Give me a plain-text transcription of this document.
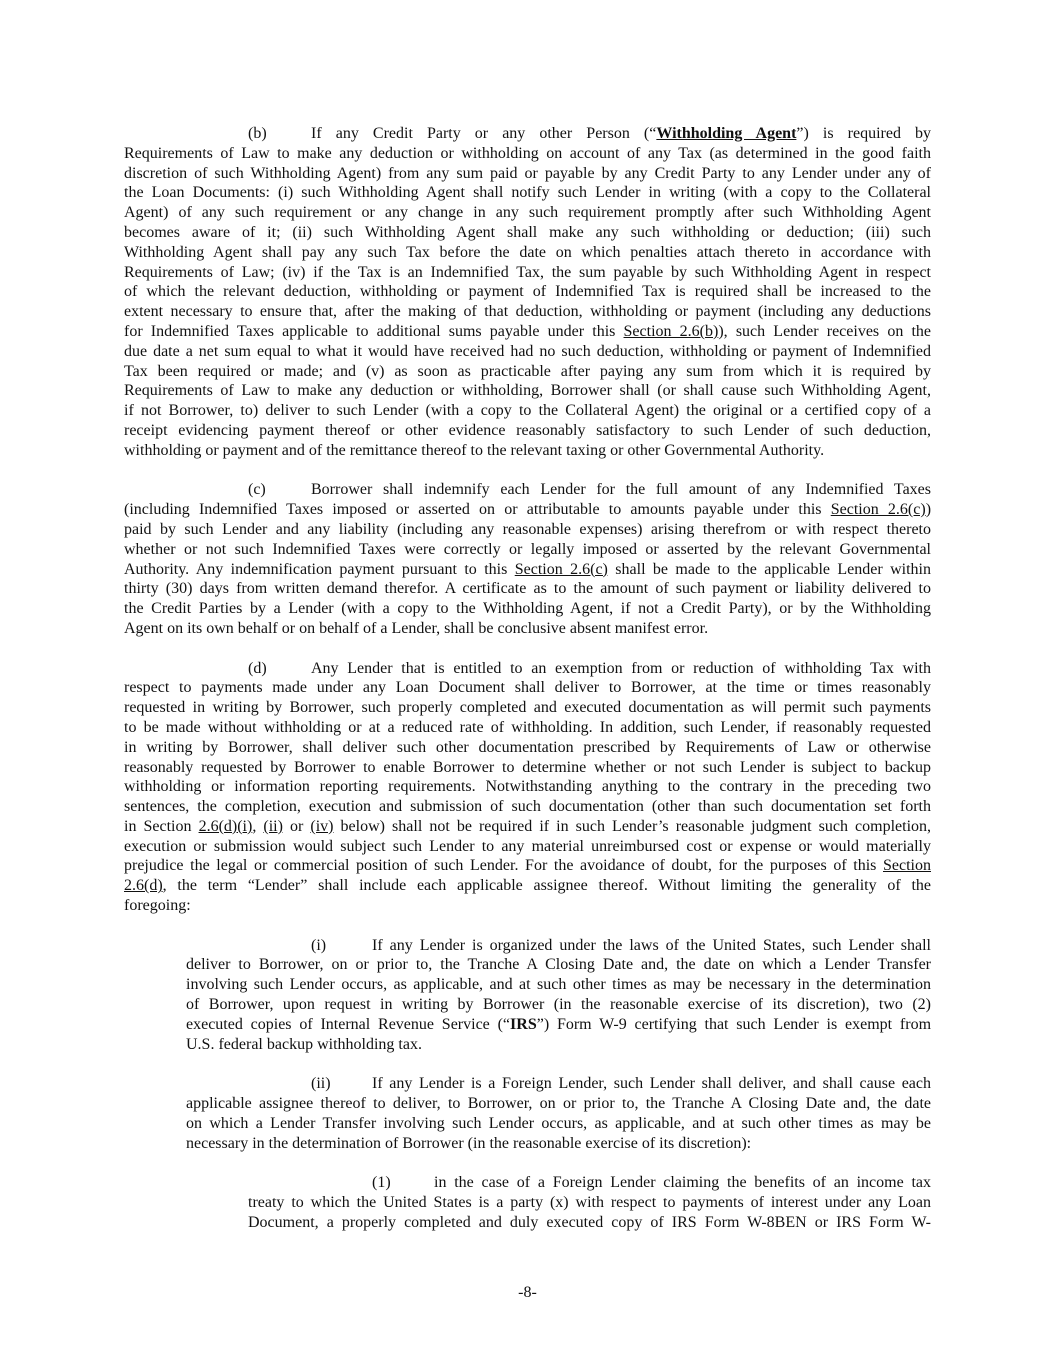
(b)	If any Credit Party or any other Person (“Withholding Agent”) is required by
Requirements of Law to make any deduction or withholding on account of any Tax (as determined in the good faith
discretion of such Withholding Agent) from any sum paid or payable by any Credit Party to any Lender under any of
the Loan Documents: (i) such Withholding Agent shall notify such Lender in writing (with a copy to the Collateral
Agent) of any such requirement or any change in any such requirement promptly after such Withholding Agent
becomes aware of it; (ii) such Withholding Agent shall make any such withholding or deduction; (iii) such
Withholding Agent shall pay any such Tax before the date on which penalties attach thereto in accordance with
Requirements of Law; (iv) if the Tax is an Indemnified Tax, the sum payable by such Withholding Agent in respect
of which the relevant deduction, withholding or payment of Indemnified Tax is required shall be increased to the
extent necessary to ensure that, after the making of that deduction, withholding or payment (including any deductions
for Indemnified Taxes applicable to additional sums payable under this Section 2.6(b)), such Lender receives on the
due date a net sum equal to what it would have received had no such deduction, withholding or payment of Indemnified
Tax been required or made; and (v) as soon as practicable after paying any sum from which it is required by
Requirements of Law to make any deduction or withholding, Borrower shall (or shall cause such Withholding Agent,
if not Borrower, to) deliver to such Lender (with a copy to the Collateral Agent) the original or a certified copy of a
receipt evidencing payment thereof or other evidence reasonably satisfactory to such Lender of such deduction,
withholding or payment and of the remittance thereof to the relevant taxing or other Governmental Authority.
(c)	Borrower shall indemnify each Lender for the full amount of any Indemnified Taxes
(including Indemnified Taxes imposed or asserted on or attributable to amounts payable under this Section 2.6(c))
paid by such Lender and any liability (including any reasonable expenses) arising therefrom or with respect thereto
whether or not such Indemnified Taxes were correctly or legally imposed or asserted by the relevant Governmental
Authority. Any indemnification payment pursuant to this Section 2.6(c) shall be made to the applicable Lender within
thirty (30) days from written demand therefor. A certificate as to the amount of such payment or liability delivered to
the Credit Parties by a Lender (with a copy to the Withholding Agent, if not a Credit Party), or by the Withholding
Agent on its own behalf or on behalf of a Lender, shall be conclusive absent manifest error.
(d)	Any Lender that is entitled to an exemption from or reduction of withholding Tax with
respect to payments made under any Loan Document shall deliver to Borrower, at the time or times reasonably
requested in writing by Borrower, such properly completed and executed documentation as will permit such payments
to be made without withholding or at a reduced rate of withholding. In addition, such Lender, if reasonably requested
in writing by Borrower, shall deliver such other documentation prescribed by Requirements of Law or otherwise
reasonably requested by Borrower to enable Borrower to determine whether or not such Lender is subject to backup
withholding or information reporting requirements. Notwithstanding anything to the contrary in the preceding two
sentences, the completion, execution and submission of such documentation (other than such documentation set forth
in Section 2.6(d)(i), (ii) or (iv) below) shall not be required if in such Lender’s reasonable judgment such completion,
execution or submission would subject such Lender to any material unreimbursed cost or expense or would materially
prejudice the legal or commercial position of such Lender. For the avoidance of doubt, for the purposes of this Section
2.6(d), the term “Lender” shall include each applicable assignee thereof. Without limiting the generality of the
foregoing:
(i)	If any Lender is organized under the laws of the United States, such Lender shall
deliver to Borrower, on or prior to, the Tranche A Closing Date and, the date on which a Lender Transfer
involving such Lender occurs, as applicable, and at such other times as may be necessary in the determination
of Borrower, upon request in writing by Borrower (in the reasonable exercise of its discretion), two (2)
executed copies of Internal Revenue Service (“IRS”) Form W-9 certifying that such Lender is exempt from
U.S. federal backup withholding tax.
(ii)	If any Lender is a Foreign Lender, such Lender shall deliver, and shall cause each
applicable assignee thereof to deliver, to Borrower, on or prior to, the Tranche A Closing Date and, the date
on which a Lender Transfer involving such Lender occurs, as applicable, and at such other times as may be
necessary in the determination of Borrower (in the reasonable exercise of its discretion):
(1)	in the case of a Foreign Lender claiming the benefits of an income tax
treaty to which the United States is a party (x) with respect to payments of interest under any Loan
Document, a properly completed and duly executed copy of IRS Form W-8BEN or IRS Form W-
-8-
